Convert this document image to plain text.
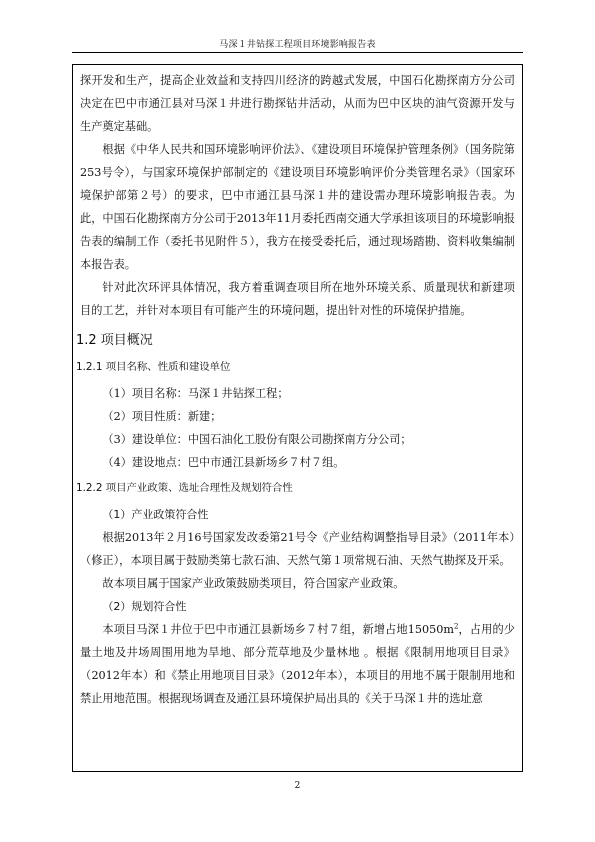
马深１井钻探工程项目环境影响报告表

探开发和生产，提高企业效益和支持四川经济的跨越式发展，中国石化勘探南方分公司决定在巴中市通江县对马深１井进行勘探钻井活动，从而为巴中区块的油气资源开发与生产奠定基础。

根据《中华人民共和国环境影响评价法》、《建设项目环境保护管理条例》（国务院第253号令），与国家环境保护部制定的《建设项目环境影响评价分类管理名录》（国家环境保护部第２号）的要求，巴中市通江县马深１井的建设需办理环境影响报告表。为此，中国石化勘探南方分公司于2013年11月委托西南交通大学承担该项目的环境影响报告表的编制工作（委托书见附件５），我方在接受委托后，通过现场踏勘、资料收集编制本报告表。

针对此次环评具体情况，我方着重调查项目所在地外环境关系、质量现状和新建项目的工艺，并针对本项目有可能产生的环境问题，提出针对性的环境保护措施。

1.2 项目概况
1.2.1 项目名称、性质和建设单位

（1）项目名称：马深１井钻探工程；

（2）项目性质：新建；

（3）建设单位：中国石油化工股份有限公司勘探南方分公司；

（4）建设地点：巴中市通江县新场乡７村７组。

1.2.2 项目产业政策、选址合理性及规划符合性
（1）产业政策符合性

根据2013年２月16号国家发改委第21号令《产业结构调整指导目录》（2011年本）（修正），本项目属于鼓励类第七款石油、天然气第１项常规石油、天然气勘探及开采。

故本项目属于国家产业政策鼓励类项目，符合国家产业政策。

（2）规划符合性

本项目马深１井位于巴中市通江县新场乡７村７组，新增占地$15050m^2$，占用的少量土地及井场周围用地为旱地、部分荒草地及少量林地 。根据《限制用地项目目录》（2012年本）和《禁止用地项目目录》（2012年本），本项目的用地不属于限制用地和禁止用地范围。根据现场调查及通江县环境保护局出具的《关于马深１井的选址意

2
